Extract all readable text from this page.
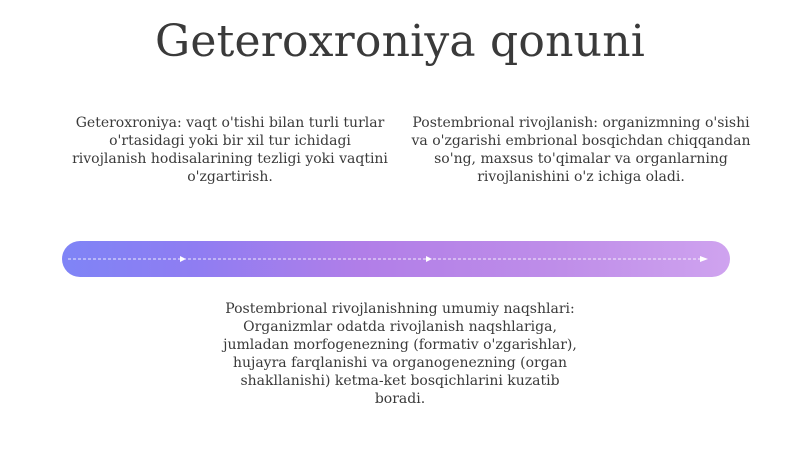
Geteroxroniya qonuni

Geteroxroniya: vaqt o'tishi bilan turli turlar o'rtasidagi yoki bir xil tur ichidagi rivojlanish hodisalarining tezligi yoki vaqtini o'zgartirish.

Postembrional rivojlanish: organizmning o'sishi va o'zgarishi embrional bosqichdan chiqqandan so'ng, maxsus to'qimalar va organlarning rivojlanishini o'z ichiga oladi.

Postembrional rivojlanishning umumiy naqshlari: Organizmlar odatda rivojlanish naqshlariga, jumladan morfogenezning (formativ o'zgarishlar), hujayra farqlanishi va organogenezning (organ shakllanishi) ketma-ket bosqichlarini kuzatib boradi.
